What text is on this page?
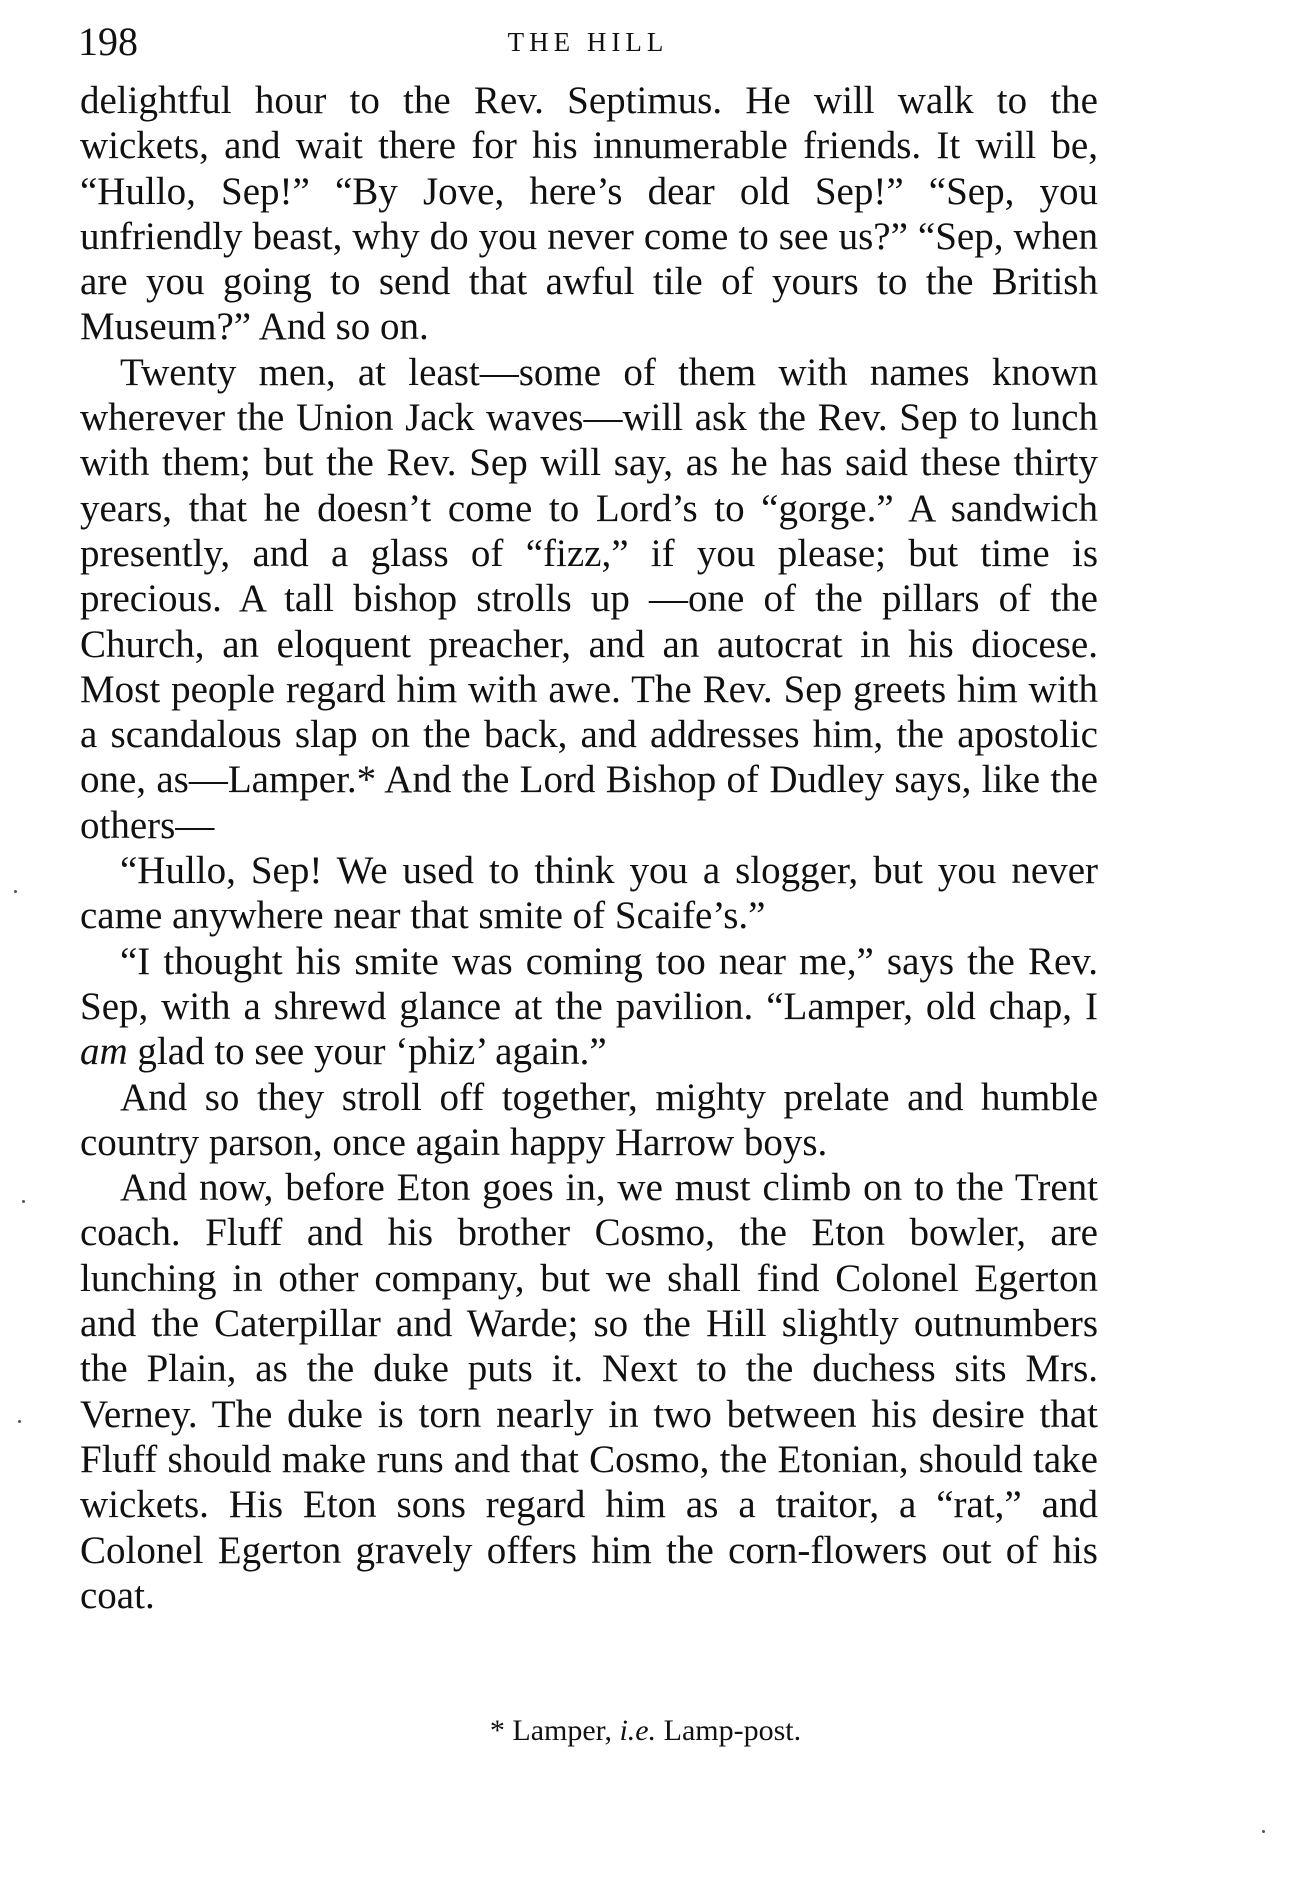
198	THE HILL

delightful hour to the Rev. Septimus. He will walk to the wickets, and wait there for his innumerable friends. It will be, “Hullo, Sep!” “By Jove, here’s dear old Sep!” “Sep, you unfriendly beast, why do you never come to see us?” “Sep, when are you going to send that awful tile of yours to the British Museum?” And so on.

Twenty men, at least—some of them with names known wherever the Union Jack waves—will ask the Rev. Sep to lunch with them; but the Rev. Sep will say, as he has said these thirty years, that he doesn’t come to Lord’s to “gorge.” A sandwich presently, and a glass of “fizz,” if you please; but time is precious. A tall bishop strolls up —one of the pillars of the Church, an eloquent preacher, and an autocrat in his diocese. Most people regard him with awe. The Rev. Sep greets him with a scandalous slap on the back, and addresses him, the apostolic one, as—Lamper.* And the Lord Bishop of Dudley says, like the others—

“Hullo, Sep! We used to think you a slogger, but you never came anywhere near that smite of Scaife’s.”

“I thought his smite was coming too near me,” says the Rev. Sep, with a shrewd glance at the pavilion. “Lamper, old chap, I am glad to see your ‘phiz’ again.”

And so they stroll off together, mighty prelate and humble country parson, once again happy Harrow boys.

And now, before Eton goes in, we must climb on to the Trent coach. Fluff and his brother Cosmo, the Eton bowler, are lunching in other company, but we shall find Colonel Egerton and the Caterpillar and Warde; so the Hill slightly outnumbers the Plain, as the duke puts it. Next to the duchess sits Mrs. Verney. The duke is torn nearly in two between his desire that Fluff should make runs and that Cosmo, the Etonian, should take wickets. His Eton sons regard him as a traitor, a “rat,” and Colonel Egerton gravely offers him the corn-flowers out of his coat.

* Lamper, i.e. Lamp-post.
